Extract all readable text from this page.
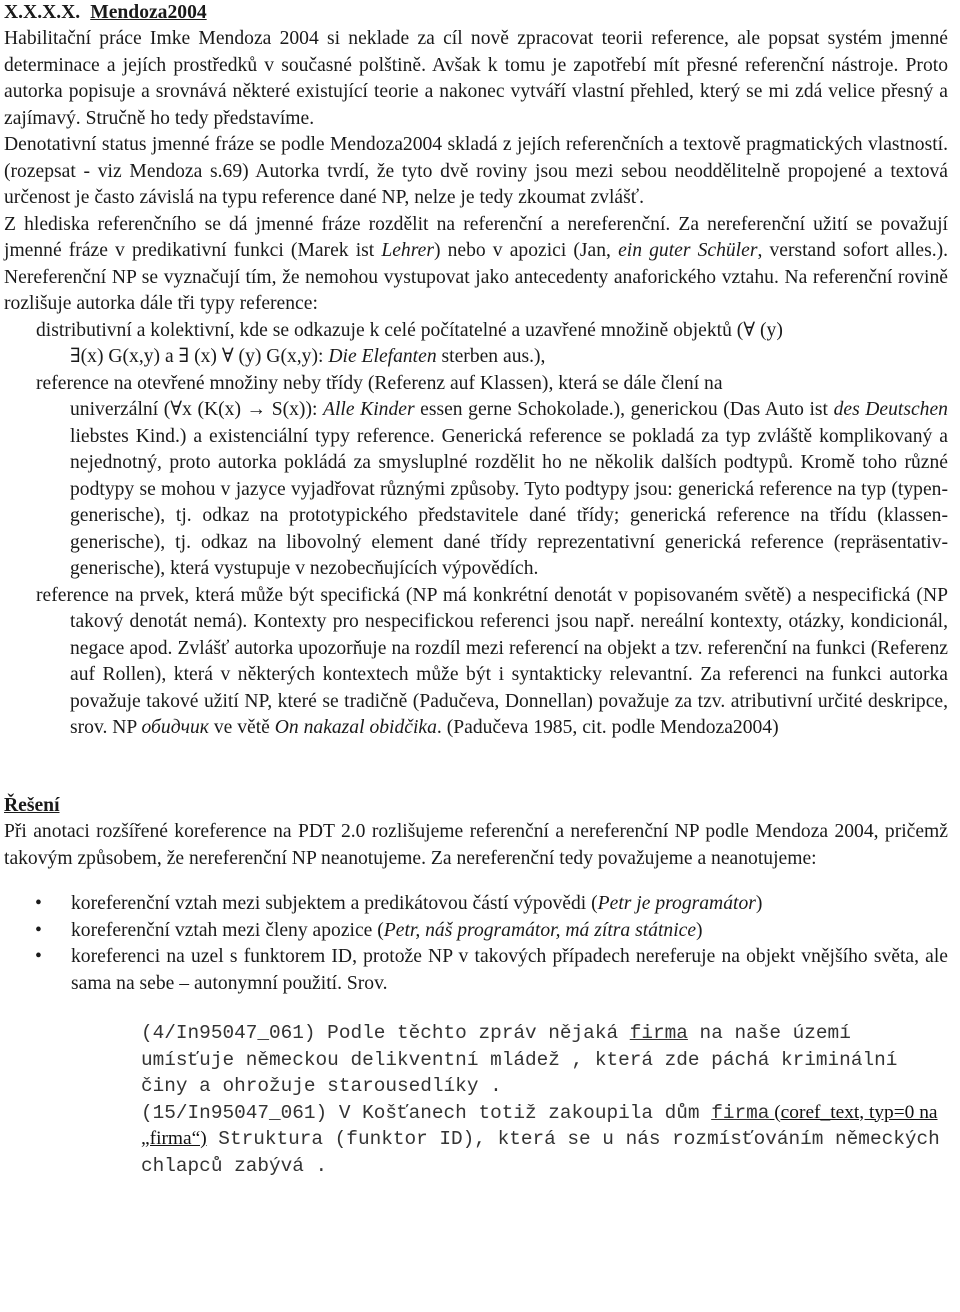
X.X.X.X. Mendoza2004

Habilitační práce Imke Mendoza 2004 si neklade za cíl nově zpracovat teorii reference, ale popsat systém jmenné determinace a jejích prostředků v současné polštině. Avšak k tomu je zapotřebí mít přesné referenční nástroje. Proto autorka popisuje a srovnává některé existující teorie a nakonec vytváří vlastní přehled, který se mi zdá velice přesný a zajímavý. Stručně ho tedy představíme.

Denotativní status jmenné fráze se podle Mendoza2004 skladá z jejích referenčních a textově pragmatických vlastností. (rozepsat - viz Mendoza s.69) Autorka tvrdí, že tyto dvě roviny jsou mezi sebou neoddělitelně propojené a textová určenost je často závislá na typu reference dané NP, nelze je tedy zkoumat zvlášť.

Z hlediska referenčního se dá jmenné fráze rozdělit na referenční a nereferenční. Za nereferenční užití se považují jmenné fráze v predikativní funkci (Marek ist Lehrer) nebo v apozici (Jan, ein guter Schüler, verstand sofort alles.). Nereferenční NP se vyznačují tím, že nemohou vystupovat jako antecedenty anaforického vztahu. Na referenční rovině rozlišuje autorka dále tři typy reference:

distributivní a kolektivní, kde se odkazuje k celé počítatelné a uzavřené množině objektů (∀ (y)

∃(x) G(x,y) a ∃ (x) ∀ (y) G(x,y): Die Elefanten sterben aus.),

reference na otevřené množiny neby třídy (Referenz auf Klassen), která se dále člení na

univerzální (∀x (K(x) → S(x)): Alle Kinder essen gerne Schokolade.), generickou (Das Auto ist des Deutschen liebstes Kind.) a existenciální typy reference. Generická reference se pokladá za typ zvláště komplikovaný a nejednotný, proto autorka pokládá za smysluplné rozdělit ho ne několik dalších podtypů. Kromě toho různé podtypy se mohou v jazyce vyjadřovat různými způsoby. Tyto podtypy jsou: generická reference na typ (typen-generische), tj. odkaz na prototypického představitele dané třídy; generická reference na třídu (klassen-generische), tj. odkaz na libovolný element dané třídy reprezentativní generická reference (repräsentativ-generische), která vystupuje v nezobecňujících výpovědích.

reference na prvek, která může být specifická (NP má konkrétní denotát v popisovaném světě) a nespecifická (NP takový denotát nemá). Kontexty pro nespecifickou referenci jsou např. nereální kontexty, otázky, kondicionál, negace apod. Zvlášť autorka upozorňuje na rozdíl mezi referencí na objekt a tzv. referenční na funkci (Referenz auf Rollen), která v některých kontextech může být i syntakticky relevantní. Za referenci na funkci autorka považuje takové užití NP, které se tradičně (Padučeva, Donnellan) považuje za tzv. atributivní určité deskripce, srov. NP обидчик ve větě On nakazal obidčika. (Padučeva 1985, cit. podle Mendoza2004)

Řešení

Při anotaci rozšířené koreference na PDT 2.0 rozlišujeme referenční a nereferenční NP podle Mendoza 2004, pričemž takovým způsobem, že nereferenční NP neanotujeme. Za nereferenční tedy považujeme a neanotujeme:

• koreferenční vztah mezi subjektem a predikátovou částí výpovědi (Petr je programátor)
• koreferenční vztah mezi členy apozice (Petr, náš programátor, má zítra státnice)
• koreferenci na uzel s funktorem ID, protože NP v takových případech nereferuje na objekt vnějšího světa, ale sama na sebe – autonymní použití. Srov.

(4/In95047_061) Podle těchto zpráv nějaká firma na naše území umísťuje německou delikventní mládež , která zde páchá kriminální činy a ohrožuje starousedlíky .

(15/In95047_061) V Košťanech totiž zakoupila dům firma (coref_text, typ=0 na „firma“) Struktura (funktor ID), která se u nás rozmísťováním německých chlapců zabývá .
